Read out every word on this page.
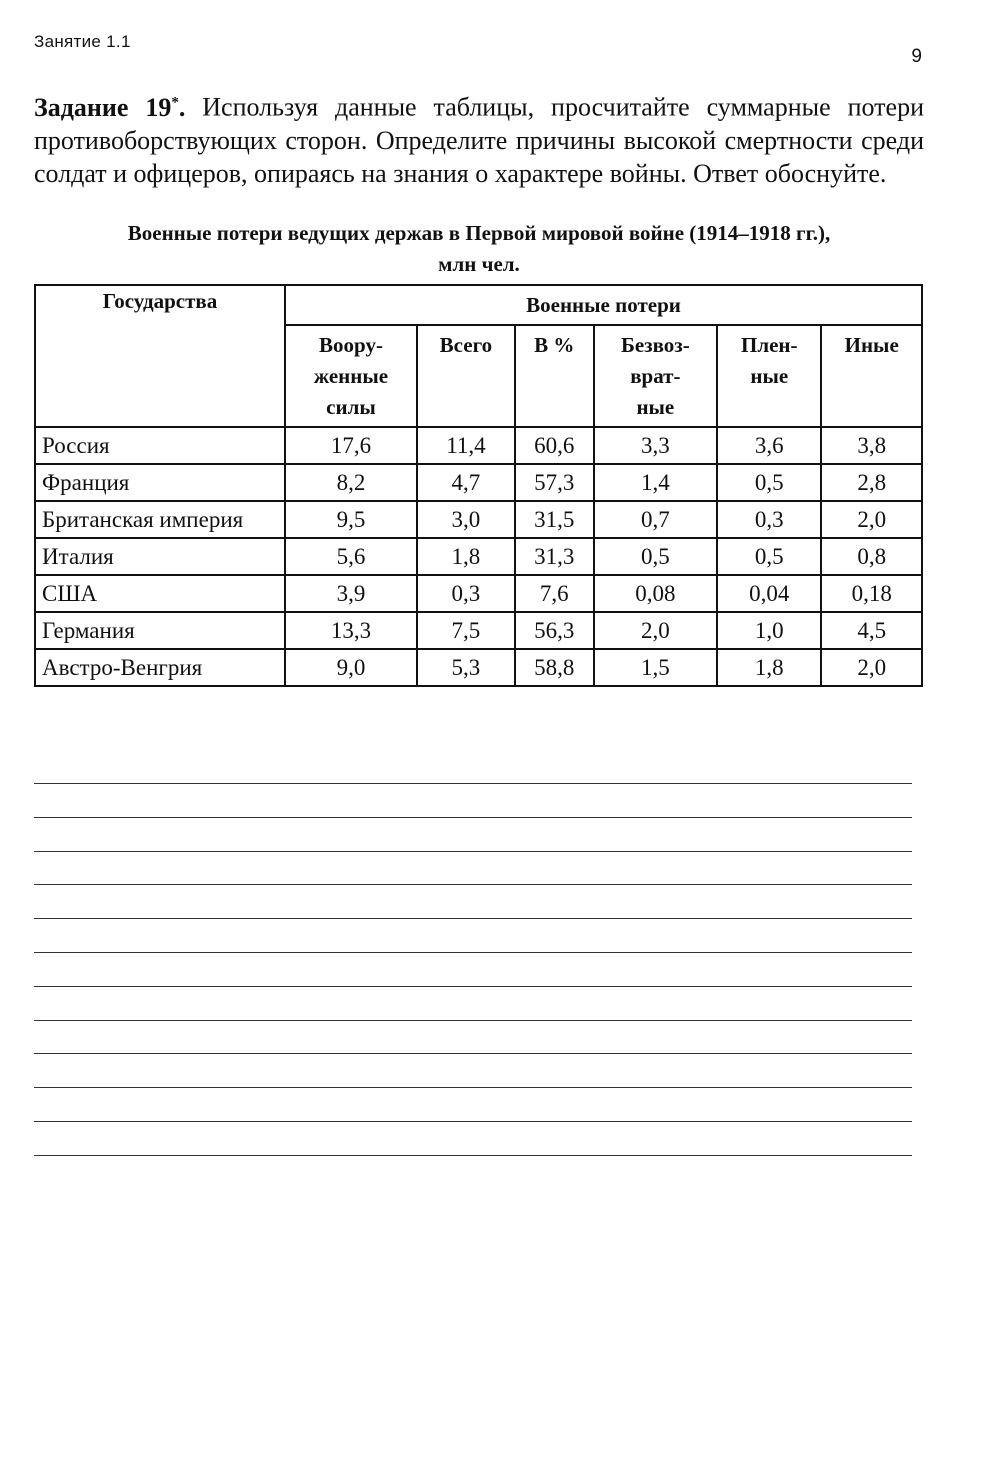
Занятие 1.1
9
Задание 19*. Используя данные таблицы, просчитайте суммарные потери противоборствующих сторон. Определите причины высокой смертности среди солдат и офицеров, опираясь на знания о характере войны. Ответ обоснуйте.
Военные потери ведущих держав в Первой мировой войне (1914–1918 гг.),
млн чел.
Государства	Военные потери					
	Воору-
женные
силы	Всего	В %	Безвоз-
врат-
ные	Плен-
ные	Иные
Россия	17,6	11,4	60,6	3,3	3,6	3,8
Франция	8,2	4,7	57,3	1,4	0,5	2,8
Британская империя	9,5	3,0	31,5	0,7	0,3	2,0
Италия	5,6	1,8	31,3	0,5	0,5	0,8
США	3,9	0,3	7,6	0,08	0,04	0,18
Германия	13,3	7,5	56,3	2,0	1,0	4,5
Австро-Венгрия	9,0	5,3	58,8	1,5	1,8	2,0
